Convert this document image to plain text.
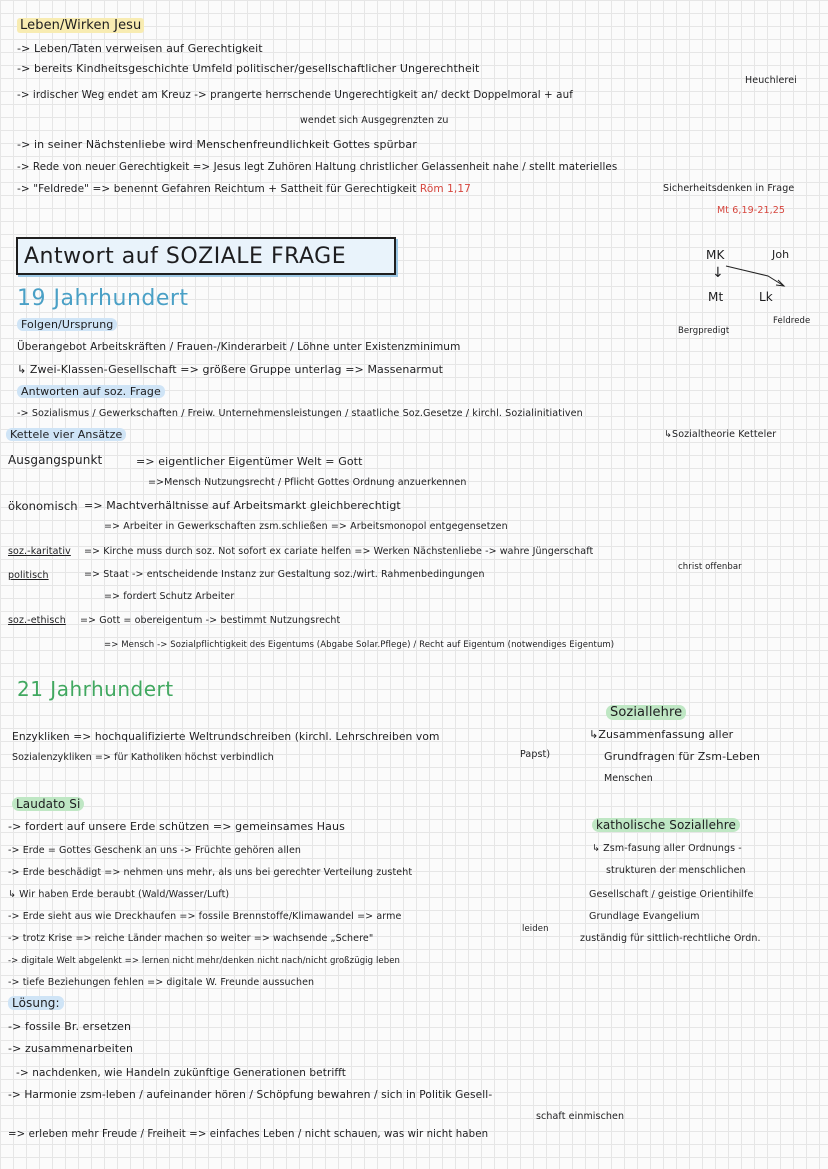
Leben/Wirken Jesu
-> Leben/Taten verweisen auf Gerechtigkeit
-> bereits Kindheitsgeschichte Umfeld politischer/gesellschaftlicher Ungerechtheit
Heuchlerei
-> irdischer Weg endet am Kreuz -> prangerte herrschende Ungerechtigkeit an/ deckt Doppelmoral + auf
wendet sich Ausgegrenzten zu
-> in seiner Nächstenliebe wird Menschenfreundlichkeit Gottes spürbar
-> Rede von neuer Gerechtigkeit => Jesus legt Zuhören Haltung christlicher Gelassenheit nahe / stellt materielles
-> "Feldrede" => benennt Gefahren Reichtum + Sattheit für Gerechtigkeit Röm 1,17	Sicherheitsdenken in Frage
Mt 6,19-21,25
Antwort auf SOZIALE FRAGE	MK	Joh
↓
Mt	Lk
Feldrede
Bergpredigt
19 Jahrhundert
Folgen/Ursprung
Überangebot Arbeitskräften / Frauen-/Kinderarbeit / Löhne unter Existenzminimum
↳ Zwei-Klassen-Gesellschaft => größere Gruppe unterlag => Massenarmut
Antworten auf soz. Frage
-> Sozialismus / Gewerkschaften / Freiw. Unternehmensleistungen / staatliche Soz.Gesetze / kirchl. Sozialinitiativen
↳Sozialtheorie Ketteler
Kettele vier Ansätze
Ausgangspunkt	=> eigentlicher Eigentümer Welt = Gott
=>Mensch Nutzungsrecht / Pflicht Gottes Ordnung anzuerkennen
ökonomisch => Machtverhältnisse auf Arbeitsmarkt gleichberechtigt
=> Arbeiter in Gewerkschaften zsm.schließen => Arbeitsmonopol entgegensetzen
soz.-karitativ => Kirche muss durch soz. Not sofort ex cariate helfen => Werken Nächstenliebe -> wahre Jüngerschaft
christ offenbar
politisch	=> Staat -> entscheidende Instanz zur Gestaltung soz./wirt. Rahmenbedingungen
=> fordert Schutz Arbeiter
soz.-ethisch => Gott = obereigentum -> bestimmt Nutzungsrecht
=> Mensch -> Sozialpflichtigkeit des Eigentums (Abgabe Solar.Pflege) / Recht auf Eigentum (notwendiges Eigentum)
21 Jahrhundert
Soziallehre
Enzykliken => hochqualifizierte Weltrundschreiben (kirchl. Lehrschreiben vom
Papst)
Sozialenzykliken => für Katholiken höchst verbindlich
↳Zusammenfassung aller
Grundfragen für Zsm-Leben
Menschen
Laudato Si
-> fordert auf unsere Erde schützen => gemeinsames Haus
-> Erde = Gottes Geschenk an uns -> Früchte gehören allen
-> Erde beschädigt => nehmen uns mehr, als uns bei gerechter Verteilung zusteht
↳ Wir haben Erde beraubt (Wald/Wasser/Luft)
-> Erde sieht aus wie Dreckhaufen => fossile Brennstoffe/Klimawandel => arme
leiden
-> trotz Krise => reiche Länder machen so weiter => wachsende „Schere"
-> digitale Welt abgelenkt => lernen nicht mehr/denken nicht nach/nicht großzügig leben
-> tiefe Beziehungen fehlen => digitale W. Freunde aussuchen
katholische Soziallehre
↳ Zsm-fasung aller Ordnungs -
strukturen der menschlichen
Gesellschaft / geistige Orientihilfe
Grundlage Evangelium
zuständig für sittlich-rechtliche Ordn.
Lösung:
-> fossile Br. ersetzen
-> zusammenarbeiten
-> nachdenken, wie Handeln zukünftige Generationen betrifft
-> Harmonie zsm-leben / aufeinander hören / Schöpfung bewahren / sich in Politik Gesell-
schaft einmischen
=> erleben mehr Freude / Freiheit => einfaches Leben / nicht schauen, was wir nicht haben
